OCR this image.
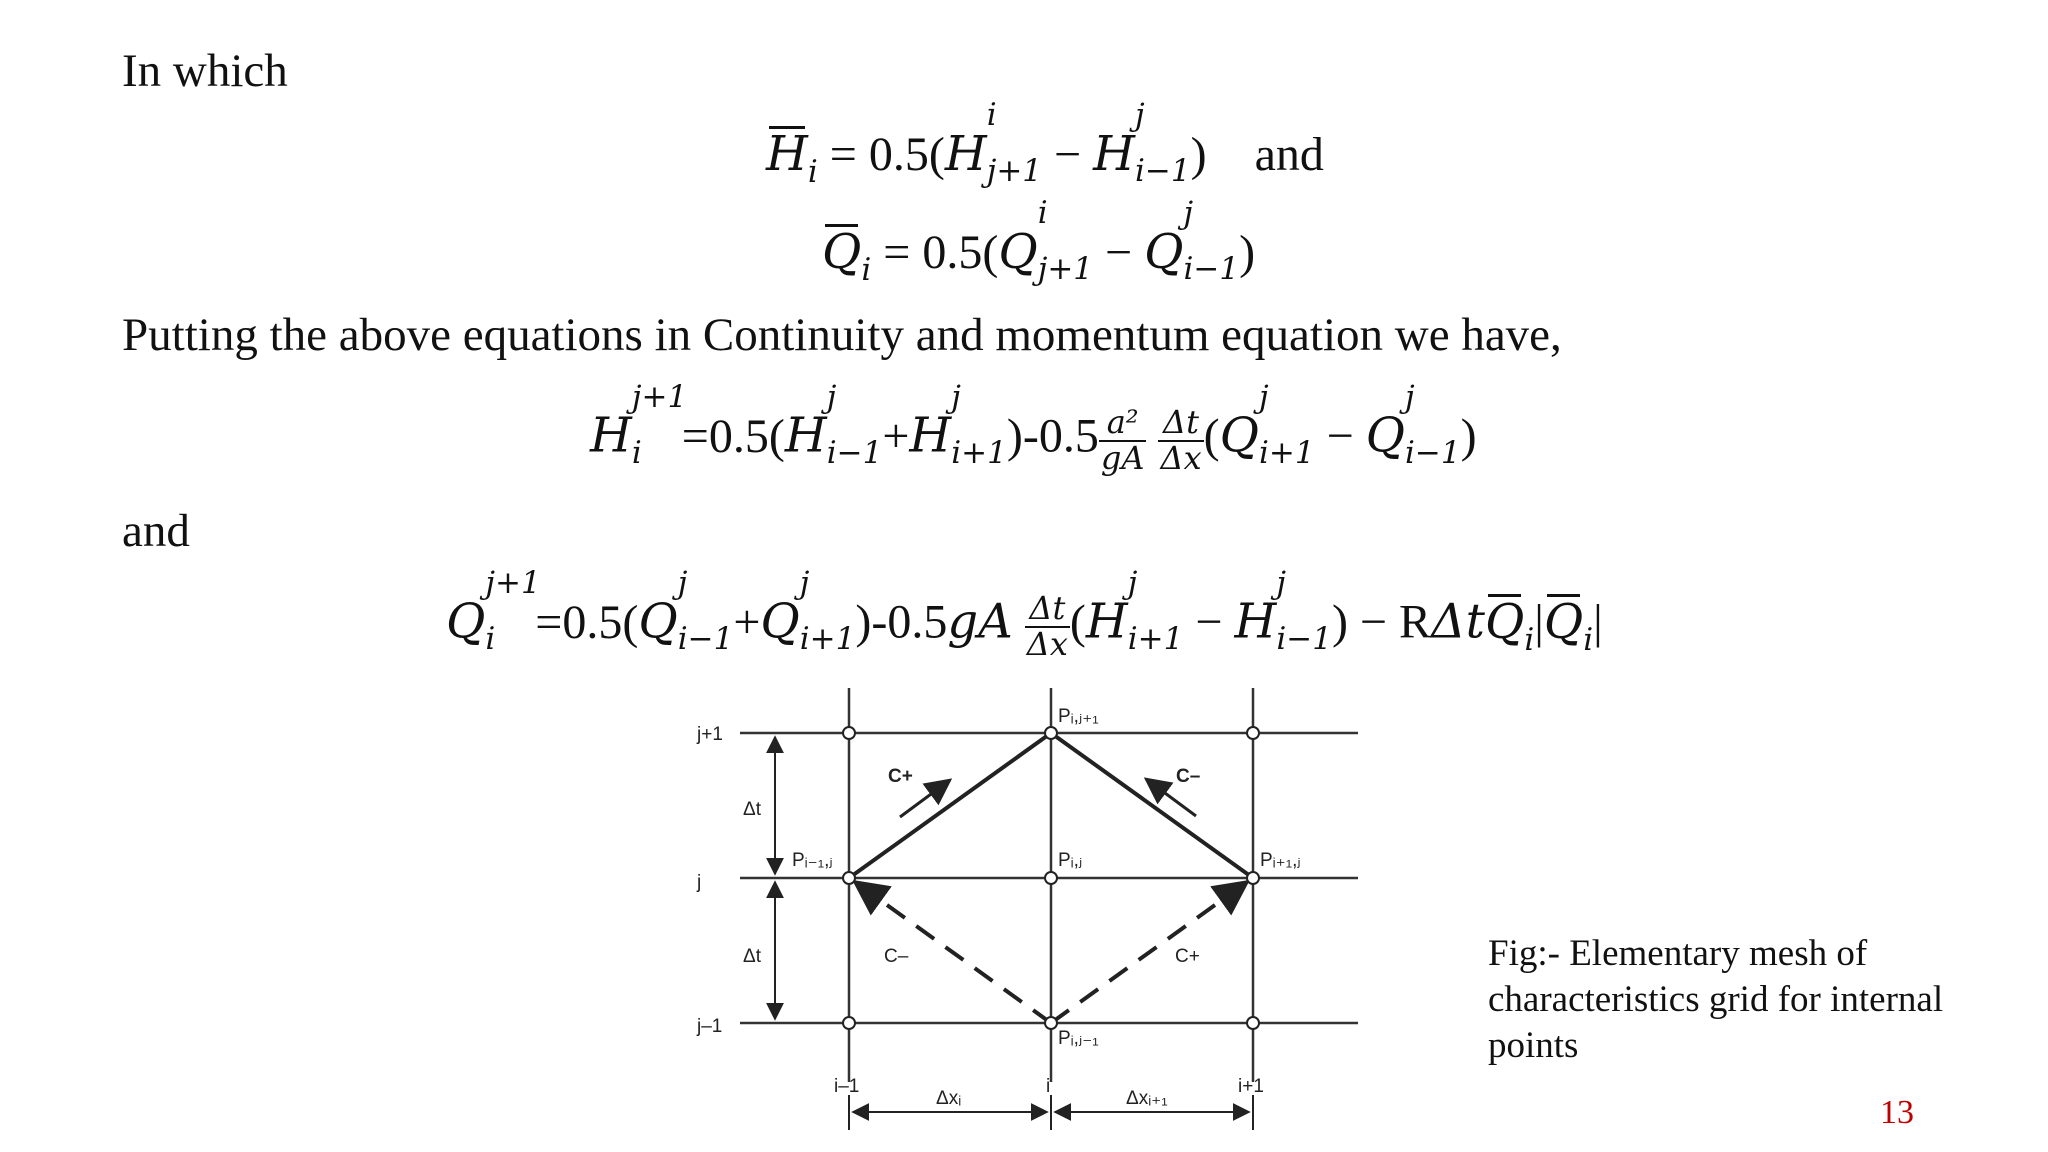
In which
$H_i = 0.5(H$
i
j+1 − H
j
i−1 ) and
$Q_i = 0.5(Q$
i
j+1 − Q
j
i−1 )
Putting the above equations in Continuity and momentum equation we have,
H
j+1
i =0.5(H
j
i−1 +H
j
i+1 )$-0.5 \frac{\text{a²}}{gA}$
$\frac{\Delta t}{\Delta x} (Q$
j
i+1 − Q
j
i−1 )
and
Q
j+1
i =0.5(Q
j
i−1 +Q
j
i+1 )$-0.5gA \frac{\Delta t}{\Delta x} (H$
j
i+1 − H
j
i−1 ) − $R\Delta tQ_i|Q_i|$
j+1
j
j–1
Δt
Δt
i–1	i	i+1
Δxᵢ	Δxᵢ₊₁
Pᵢ,ⱼ₊₁
Pᵢ₋₁,ⱼ	Pᵢ,ⱼ	Pᵢ₊₁,ⱼ
Pᵢ,ⱼ₋₁
C+	C–
C–	C+	Fig:- Elementary mesh of characteristics grid for internal points
13
